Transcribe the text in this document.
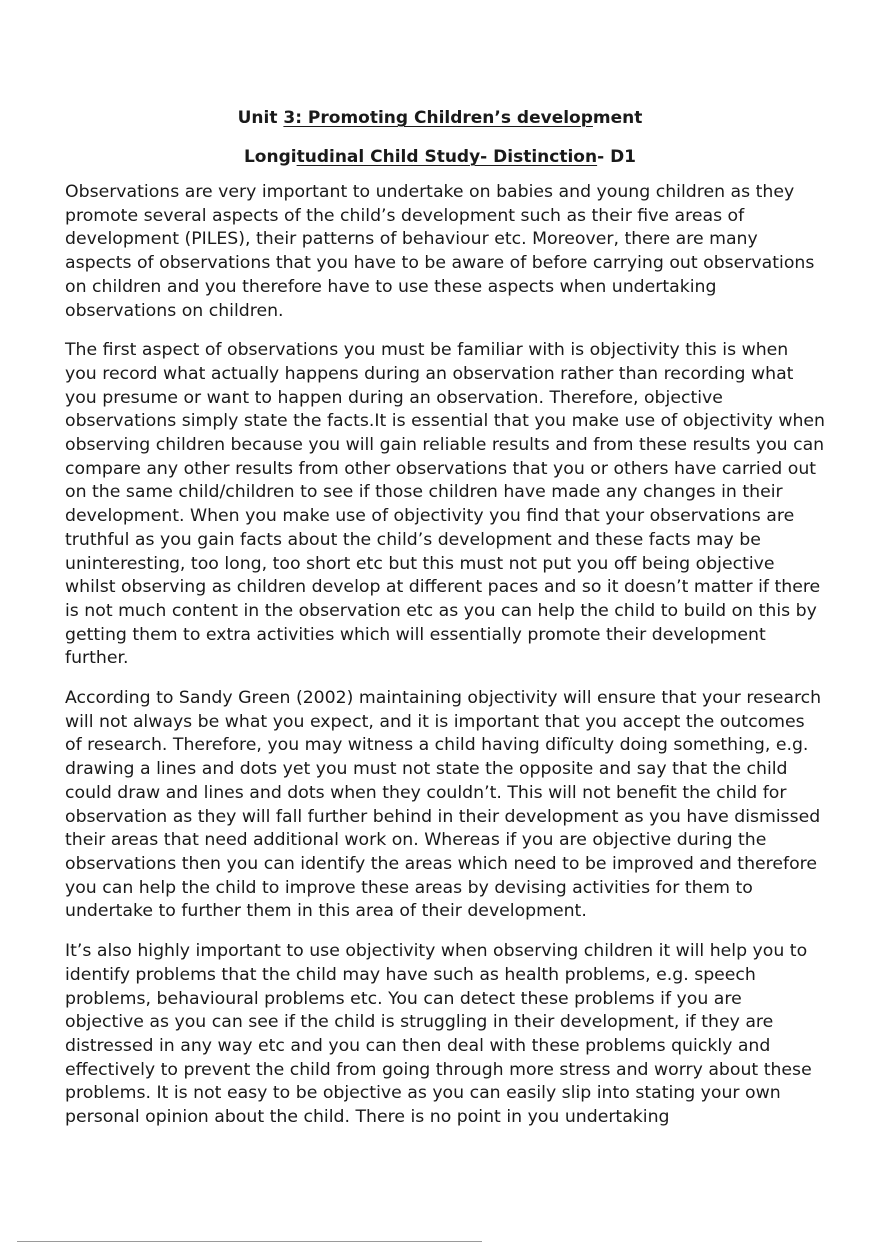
Unit 3: Promoting Children’s development
Longitudinal Child Study- Distinction- D1

Observations are very important to undertake on babies and young children as they promote several aspects of the child’s development such as their five areas of development (PILES), their patterns of behaviour etc. Moreover, there are many aspects of observations that you have to be aware of before carrying out observations on children and you therefore have to use these aspects when undertaking observations on children.

The first aspect of observations you must be familiar with is objectivity this is when you record what actually happens during an observation rather than recording what you presume or want to happen during an observation. Therefore, objective observations simply state the facts.It is essential that you make use of objectivity when observing children because you will gain reliable results and from these results you can compare any other results from other observations that you or others have carried out on the same child/children to see if those children have made any changes in their development. When you make use of objectivity you find that your observations are truthful as you gain facts about the child’s development and these facts may be uninteresting, too long, too short etc but this must not put you off being objective whilst observing as children develop at different paces and so it doesn’t matter if there is not much content in the observation etc as you can help the child to build on this by getting them to extra activities which will essentially promote their development further.

According to Sandy Green (2002) maintaining objectivity will ensure that your research will not always be what you expect, and it is important that you accept the outcomes of research. Therefore, you may witness a child having difı̈culty doing something, e.g. drawing a lines and dots yet you must not state the opposite and say that the child could draw and lines and dots when they couldn’t. This will not benefit the child for observation as they will fall further behind in their development as you have dismissed their areas that need additional work on. Whereas if you are objective during the observations then you can identify the areas which need to be improved and therefore you can help the child to improve these areas by devising activities for them to undertake to further them in this area of their development.

It’s also highly important to use objectivity when observing children it will help you to identify problems that the child may have such as health problems, e.g. speech problems, behavioural problems etc. You can detect these problems if you are objective as you can see if the child is struggling in their development, if they are distressed in any way etc and you can then deal with these problems quickly and effectively to prevent the child from going through more stress and worry about these problems. It is not easy to be objective as you can easily slip into stating your own personal opinion about the child. There is no point in you undertaking
